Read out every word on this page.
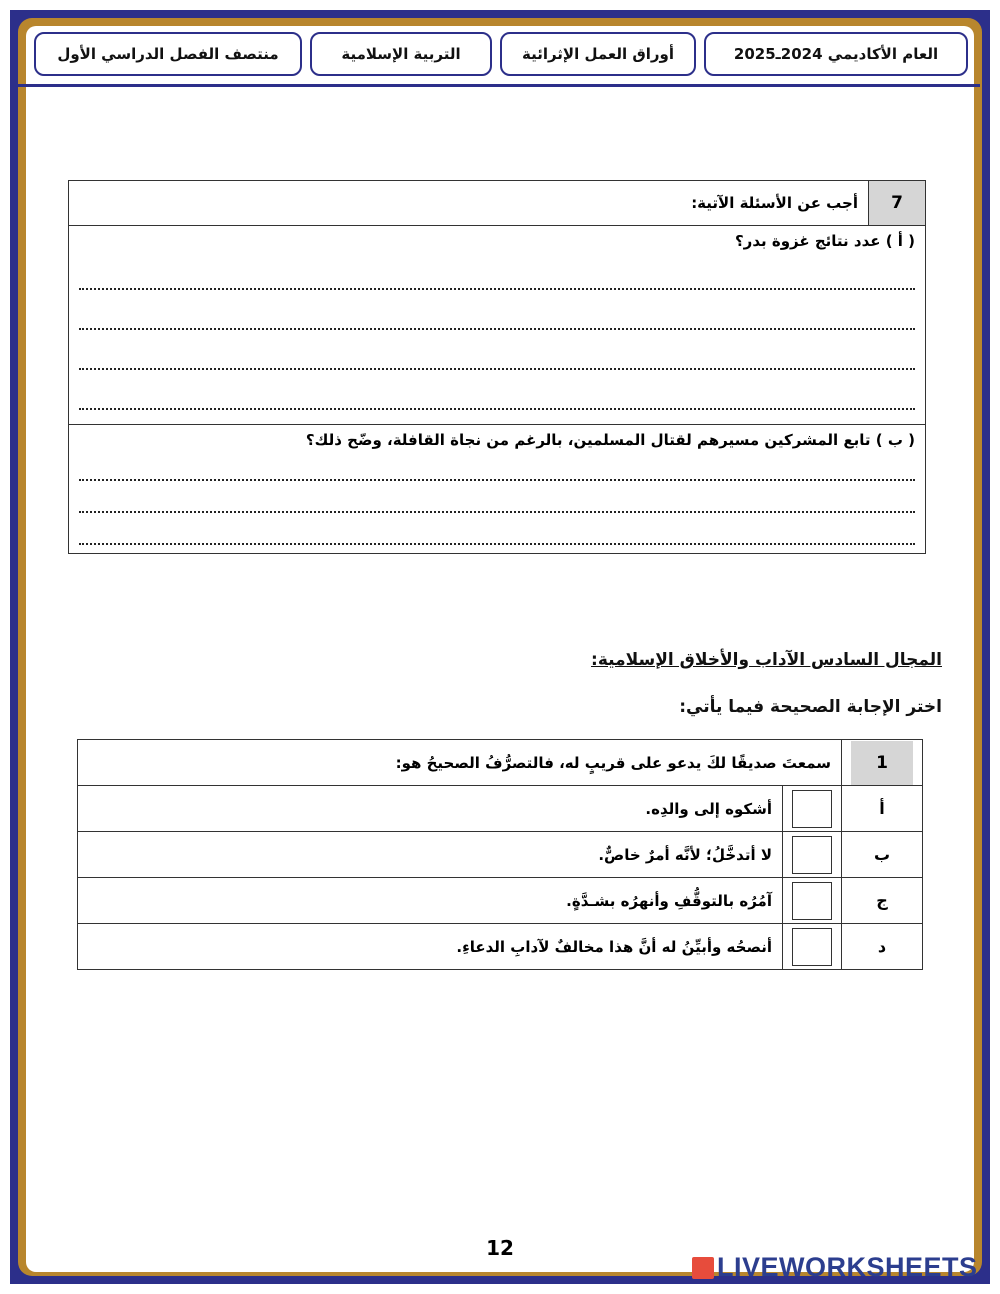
العام الأكاديمي 2024ـ2025
أوراق العمل الإثرائية
التربية الإسلامية
منتصف الفصل الدراسي الأول
7	أجب عن الأسئلة الآتية:

( أ ) عدد نتائج غزوة بدر؟

( ب ) تابع المشركين مسيرهم لقتال المسلمين، بالرغم من نجاة القافلة، وضّح ذلك؟
المجال السادس الآداب والأخلاق الإسلامية:
اختر الإجابة الصحيحة فيما يأتي:
1	سمعتَ صديقًا لكَ يدعو على قريبٍ له، فالتصرُّفُ الصحيحُ هو:	
أ		أشكوه إلى والدِه.
ب		لا أتدخَّلُ؛ لأنَّه أمرٌ خاصٌّ.
ج		آمُرُه بالتوقُّفِ وأنهرُه بشـدَّةٍ.
د		أنصحُه وأبيِّنُ له أنَّ هذا مخالفٌ لآدابِ الدعاءِ.
12
LIVEWORKSHEETS
